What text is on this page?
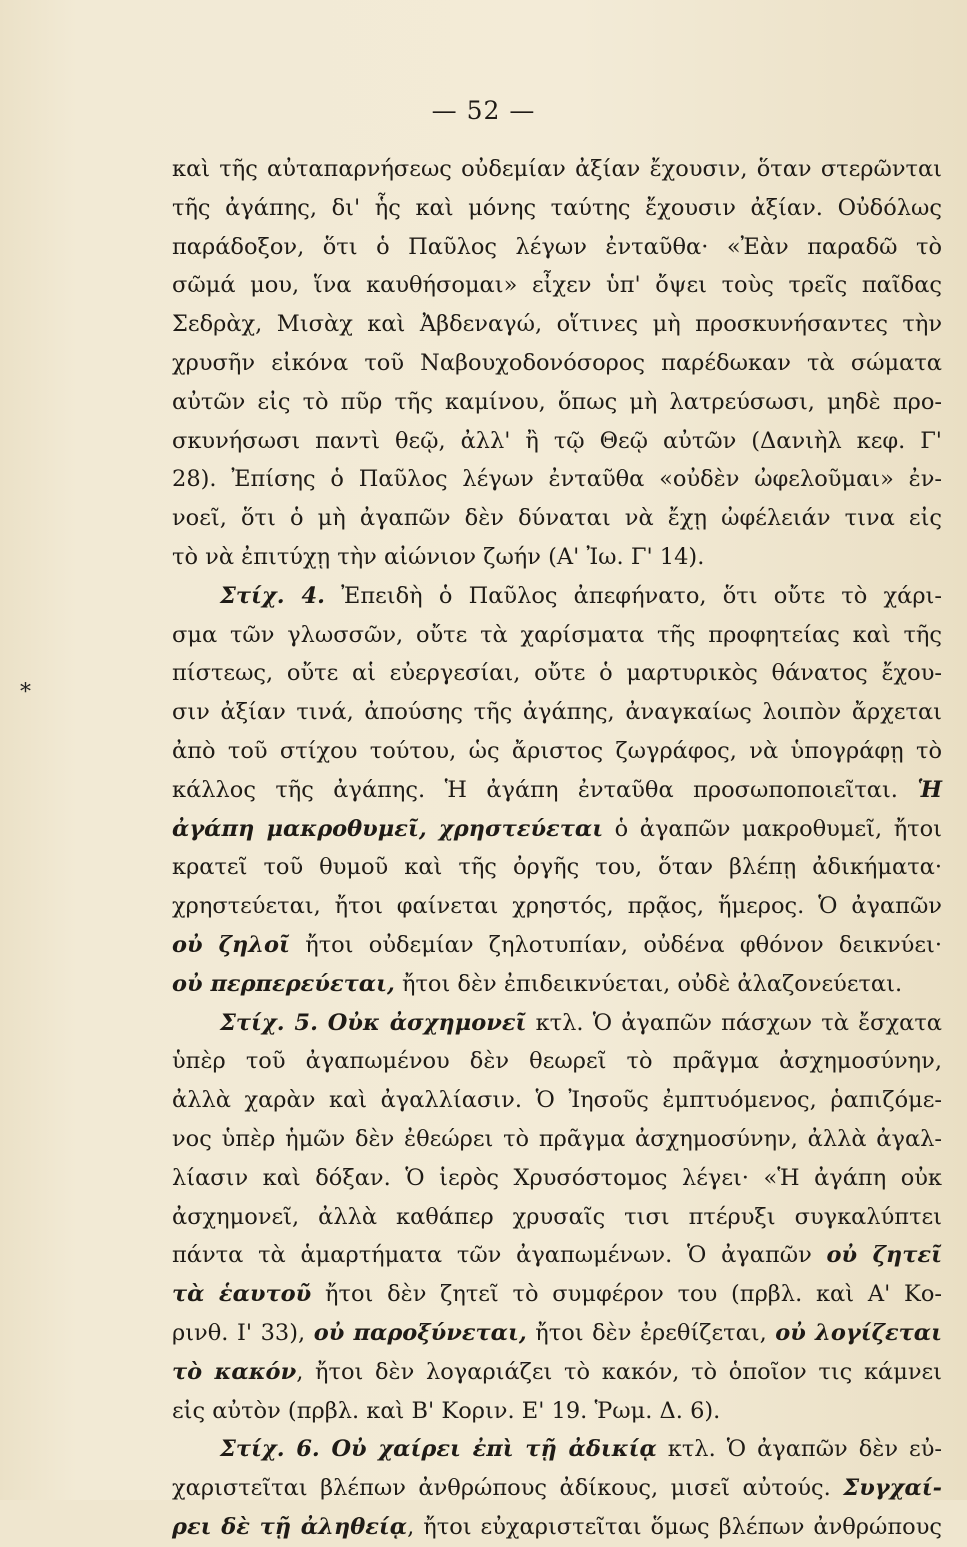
— 52 —
*
καὶ τῆς αὐταπαρνήσεως οὐδεμίαν ἀξίαν ἔχουσιν, ὅταν στερῶνται
τῆς ἀγάπης, δι' ἧς καὶ μόνης ταύτης ἔχουσιν ἀξίαν. Οὐδόλως
παράδοξον, ὅτι ὁ Παῦλος λέγων ἐνταῦθα· «Ἐὰν παραδῶ τὸ
σῶμά μου, ἵνα καυθήσομαι» εἶχεν ὑπ' ὄψει τοὺς τρεῖς παῖδας
Σεδρὰχ, Μισὰχ καὶ Ἀβδεναγώ, οἵτινες μὴ προσκυνήσαντες τὴν
χρυσῆν εἰκόνα τοῦ Ναβουχοδονόσορος παρέδωκαν τὰ σώματα
αὐτῶν εἰς τὸ πῦρ τῆς καμίνου, ὅπως μὴ λατρεύσωσι, μηδὲ προ-
σκυνήσωσι παντὶ θεῷ, ἀλλ' ἢ τῷ Θεῷ αὐτῶν (Δανιὴλ κεφ. Γ'
28). Ἐπίσης ὁ Παῦλος λέγων ἐνταῦθα «οὐδὲν ὠφελοῦμαι» ἐν-
νοεῖ, ὅτι ὁ μὴ ἀγαπῶν δὲν δύναται νὰ ἔχῃ ὠφέλειάν τινα εἰς
τὸ νὰ ἐπιτύχῃ τὴν αἰώνιον ζωήν (Α' Ἰω. Γ' 14).
Στίχ. 4. Ἐπειδὴ ὁ Παῦλος ἀπεφήνατο, ὅτι οὔτε τὸ χάρι-
σμα τῶν γλωσσῶν, οὔτε τὰ χαρίσματα τῆς προφητείας καὶ τῆς
πίστεως, οὔτε αἱ εὐεργεσίαι, οὔτε ὁ μαρτυρικὸς θάνατος ἔχου-
σιν ἀξίαν τινά, ἀπούσης τῆς ἀγάπης, ἀναγκαίως λοιπὸν ἄρχεται
ἀπὸ τοῦ στίχου τούτου, ὡς ἄριστος ζωγράφος, νὰ ὑπογράφῃ τὸ
κάλλος τῆς ἀγάπης. Ἡ ἀγάπη ἐνταῦθα προσωποποιεῖται. Ἡ
ἀγάπη μακροθυμεῖ, χρηστεύεται ὁ ἀγαπῶν μακροθυμεῖ, ἤτοι
κρατεῖ τοῦ θυμοῦ καὶ τῆς ὀργῆς του, ὅταν βλέπῃ ἀδικήματα·
χρηστεύεται, ἤτοι φαίνεται χρηστός, πρᾷος, ἥμερος. Ὁ ἀγαπῶν
οὐ ζηλοῖ ἤτοι οὐδεμίαν ζηλοτυπίαν, οὐδένα φθόνον δεικνύει·
οὐ περπερεύεται, ἤτοι δὲν ἐπιδεικνύεται, οὐδὲ ἀλαζονεύεται.
Στίχ. 5. Οὐκ ἀσχημονεῖ κτλ. Ὁ ἀγαπῶν πάσχων τὰ ἔσχατα
ὑπὲρ τοῦ ἀγαπωμένου δὲν θεωρεῖ τὸ πρᾶγμα ἀσχημοσύνην,
ἀλλὰ χαρὰν καὶ ἀγαλλίασιν. Ὁ Ἰησοῦς ἐμπτυόμενος, ῥαπιζόμε-
νος ὑπὲρ ἡμῶν δὲν ἐθεώρει τὸ πρᾶγμα ἀσχημοσύνην, ἀλλὰ ἀγαλ-
λίασιν καὶ δόξαν. Ὁ ἱερὸς Χρυσόστομος λέγει· «Ἡ ἀγάπη οὐκ
ἀσχημονεῖ, ἀλλὰ καθάπερ χρυσαῖς τισι πτέρυξι συγκαλύπτει
πάντα τὰ ἁμαρτήματα τῶν ἀγαπωμένων. Ὁ ἀγαπῶν οὐ ζητεῖ
τὰ ἑαυτοῦ ἤτοι δὲν ζητεῖ τὸ συμφέρον του (πρβλ. καὶ Α' Κο-
ρινθ. Ι' 33), οὐ παροξύνεται, ἤτοι δὲν ἐρεθίζεται, οὐ λογίζεται
τὸ κακόν, ἤτοι δὲν λογαριάζει τὸ κακόν, τὸ ὁποῖον τις κάμνει
εἰς αὐτὸν (πρβλ. καὶ Β' Κοριν. Ε' 19. Ῥωμ. Δ. 6).
Στίχ. 6. Οὐ χαίρει ἐπὶ τῇ ἀδικίᾳ κτλ. Ὁ ἀγαπῶν δὲν εὐ-
χαριστεῖται βλέπων ἀνθρώπους ἀδίκους, μισεῖ αὐτούς. Συγχαί-
ρει δὲ τῇ ἀληθείᾳ, ἤτοι εὐχαριστεῖται ὅμως βλέπων ἀνθρώπους
